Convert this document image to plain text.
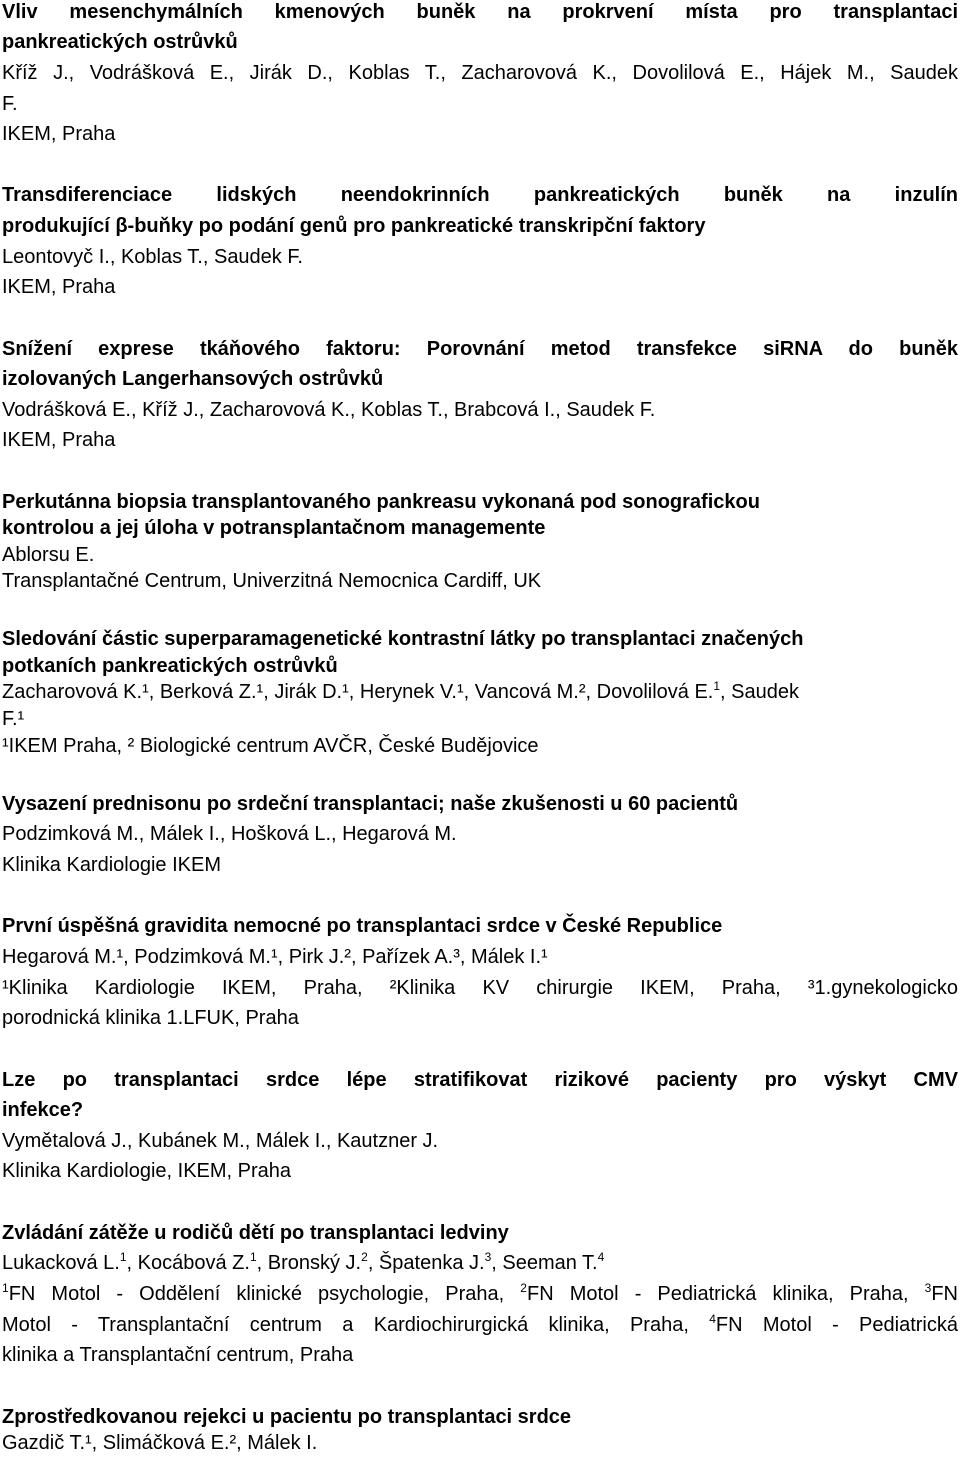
Vliv mesenchymálních kmenových buněk na prokrvení místa pro transplantaci
pankreatických ostrůvků
Kříž J., Vodrášková E., Jirák D., Koblas T., Zacharovová K., Dovolilová E., Hájek M., Saudek
F.
IKEM, Praha
Transdiferenciace lidských neendokrinních pankreatických buněk na inzulín
produkující β-buňky po podání genů pro pankreatické transkripční faktory
Leontovyč I., Koblas T., Saudek F.
IKEM, Praha
Snížení exprese tkáňového faktoru: Porovnání metod transfekce siRNA do buněk
izolovaných Langerhansových ostrůvků
Vodrášková E., Kříž J., Zacharovová K., Koblas T., Brabcová I., Saudek F.
IKEM, Praha
Perkutánna biopsia transplantovaného pankreasu vykonaná pod sonografickou
kontrolou a jej úloha v potransplantačnom managemente
Ablorsu E.
Transplantačné Centrum, Univerzitná Nemocnica Cardiff, UK
Sledování částic superparamagenetické kontrastní látky po transplantaci značených
potkaních pankreatických ostrůvků
Zacharovová K.¹, Berková Z.¹, Jirák D.¹, Herynek V.¹, Vancová M.², Dovolilová E.$^1$, Saudek
F.¹
¹IKEM Praha, ² Biologické centrum AVČR, České Budějovice
Vysazení prednisonu po srdeční transplantaci; naše zkušenosti u 60 pacientů
Podzimková M., Málek I., Hošková L., Hegarová M.
Klinika Kardiologie IKEM
První úspěšná gravidita nemocné po transplantaci srdce v České Republice
Hegarová M.¹, Podzimková M.¹, Pirk J.², Pařízek A.³, Málek I.¹
¹Klinika Kardiologie IKEM, Praha, ²Klinika KV chirurgie IKEM, Praha, ³1.gynekologicko
porodnická klinika 1.LFUK, Praha
Lze po transplantaci srdce lépe stratifikovat rizikové pacienty pro výskyt CMV
infekce?
Vymětalová J., Kubánek M., Málek I., Kautzner J.
Klinika Kardiologie, IKEM, Praha
Zvládání zátěže u rodičů dětí po transplantaci ledviny
Lukacková L.$^1$, Kocábová Z.$^1$, Bronský J.$^2$, Špatenka J.$^3$, Seeman T.$^4$
$^1$FN Motol - Oddělení klinické psychologie, Praha, $^2$FN Motol - Pediatrická klinika, Praha, $^3$FN
Motol - Transplantační centrum a Kardiochirurgická klinika, Praha, $^4$FN Motol - Pediatrická
klinika a Transplantační centrum, Praha
Zprostředkovanou rejekci u pacientu po transplantaci srdce
Gazdič T.¹, Slimáčková E.², Málek I.
